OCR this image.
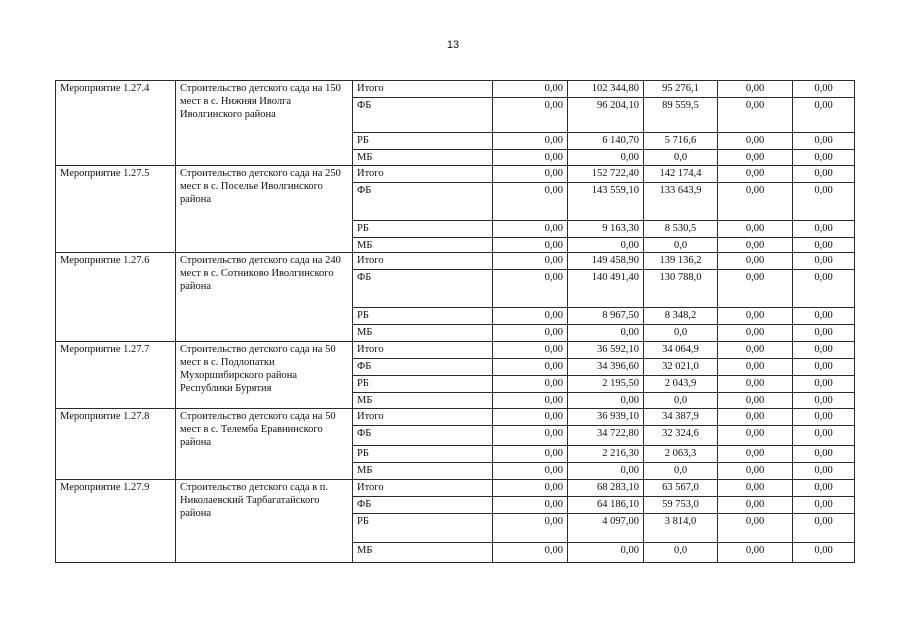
13
Мероприятие 1.27.4	Строительство детского сада на 150 мест в с. Нижняя Иволга Иволгинского района	Итого	0,00	102 344,80	95 276,1	0,00	0,00
		ФБ	0,00	96 204,10	89 559,5	0,00	0,00
		РБ	0,00	6 140,70	5 716,6	0,00	0,00
		МБ	0,00	0,00	0,0	0,00	0,00
Мероприятие 1.27.5	Строительство детского сада на 250 мест в с. Поселье Иволгинского района	Итого	0,00	152 722,40	142 174,4	0,00	0,00
		ФБ	0,00	143 559,10	133 643,9	0,00	0,00
		РБ	0,00	9 163,30	8 530,5	0,00	0,00
		МБ	0,00	0,00	0,0	0,00	0,00
Мероприятие 1.27.6	Строительство детского сада на 240 мест в с. Сотниково Иволгинского района	Итого	0,00	149 458,90	139 136,2	0,00	0,00
		ФБ	0,00	140 491,40	130 788,0	0,00	0,00
		РБ	0,00	8 967,50	8 348,2	0,00	0,00
		МБ	0,00	0,00	0,0	0,00	0,00
Мероприятие 1.27.7	Строительство детского сада на 50 мест в с. Подлопатки Мухоршибирского района Республики Бурятия	Итого	0,00	36 592,10	34 064,9	0,00	0,00
		ФБ	0,00	34 396,60	32 021,0	0,00	0,00
		РБ	0,00	2 195,50	2 043,9	0,00	0,00
		МБ	0,00	0,00	0,0	0,00	0,00
Мероприятие 1.27.8	Строительство детского сада на 50 мест в с. Телемба Еравнинского района	Итого	0,00	36 939,10	34 387,9	0,00	0,00
		ФБ	0,00	34 722,80	32 324,6	0,00	0,00
		РБ	0,00	2 216,30	2 063,3	0,00	0,00
		МБ	0,00	0,00	0,0	0,00	0,00
Мероприятие 1.27.9	Строительство детского сада в п. Николаевский Тарбагатайского района	Итого	0,00	68 283,10	63 567,0	0,00	0,00
		ФБ	0,00	64 186,10	59 753,0	0,00	0,00
		РБ	0,00	4 097,00	3 814,0	0,00	0,00
		МБ	0,00	0,00	0,0	0,00	0,00
